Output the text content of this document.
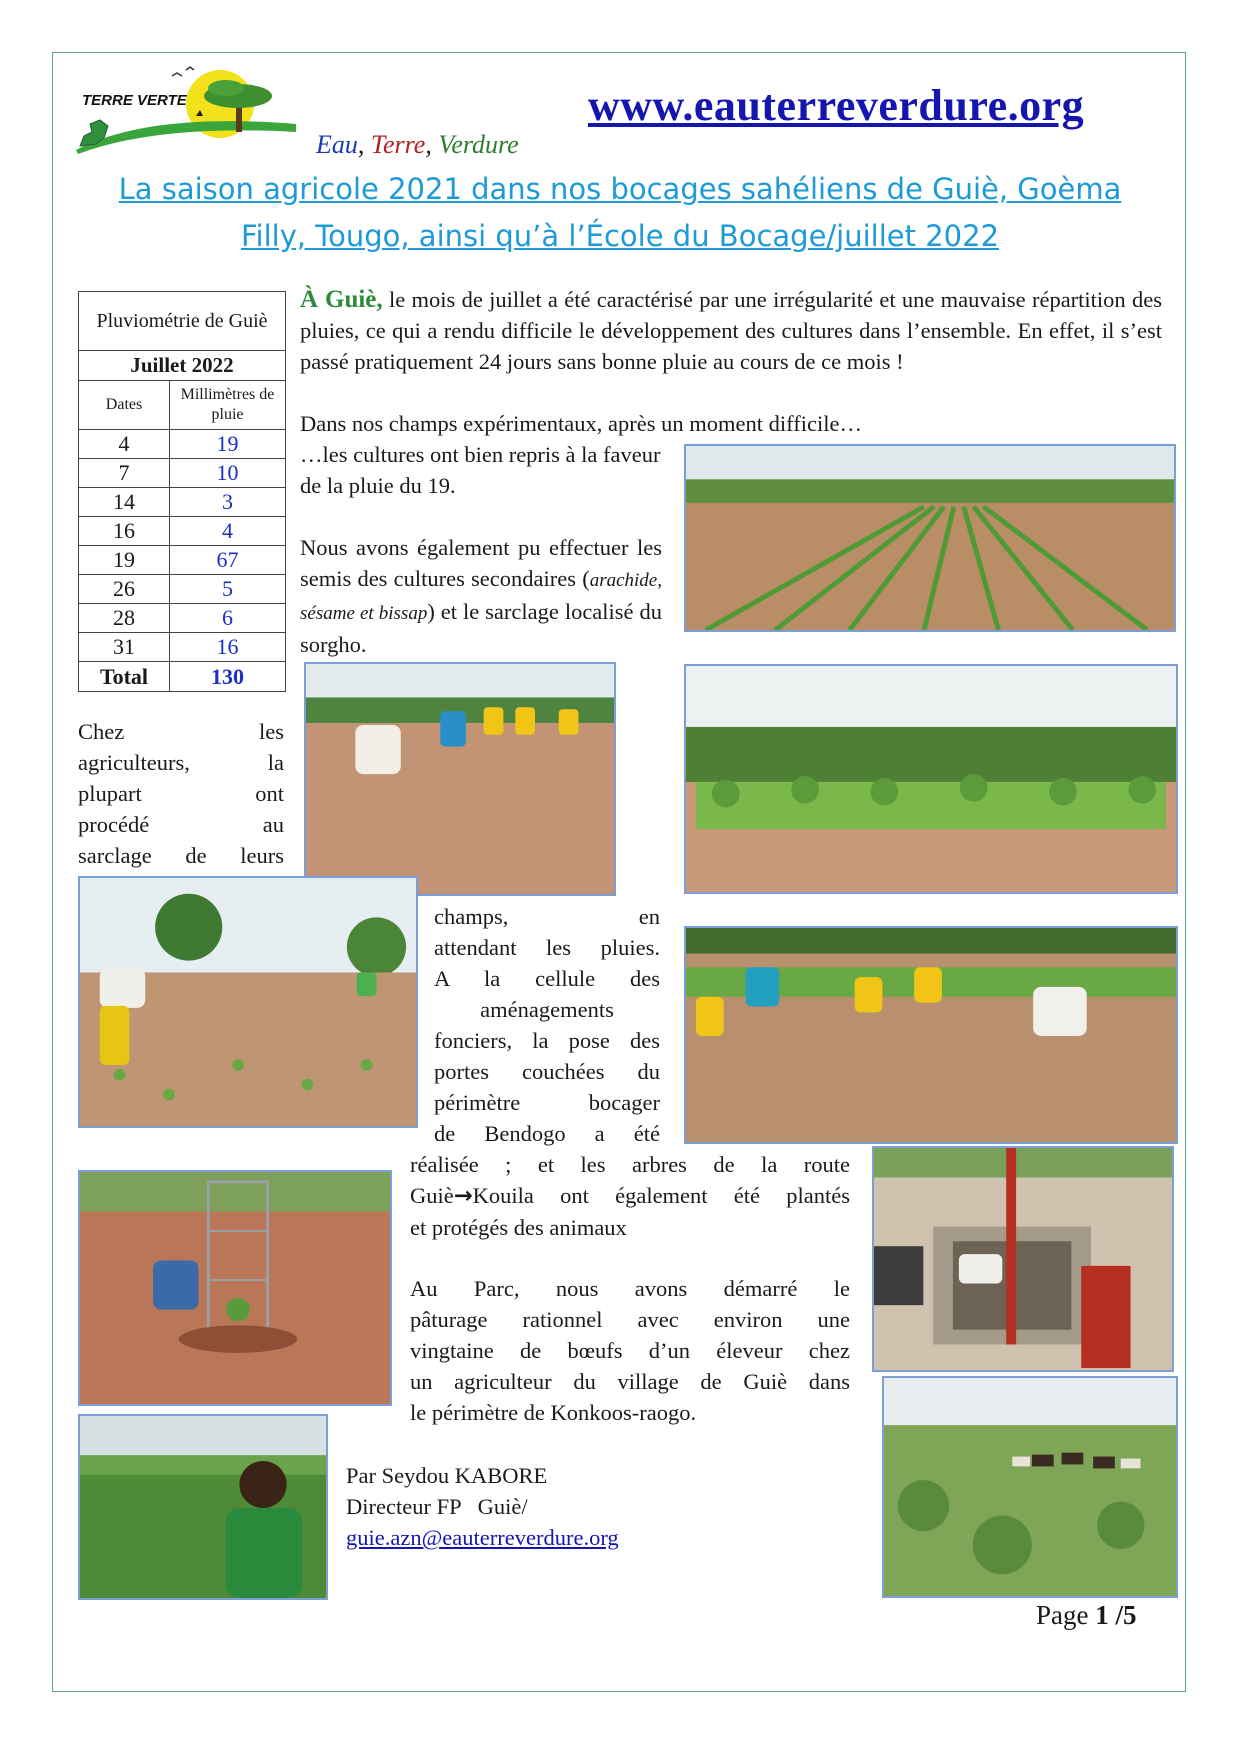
TERRE VERTE
Eau, Terre, Verdure
www.eauterreverdure.org
La saison agricole 2021 dans nos bocages sahéliens de Guiè, Goèma
Filly, Tougo, ainsi qu’à l’École du Bocage/juillet 2022
Pluviométrie de Guiè	
Juillet 2022	
Dates	Millimètres de pluie
4	19
7	10
14	3
16	4
19	67
26	5
28	6
31	16
Total	130
À Guiè, le mois de juillet a été caractérisé par une irrégularité et une mauvaise répartition des pluies, ce qui a rendu difficile le développement des cultures dans l’ensemble. En effet, il s’est passé pratiquement 24 jours sans bonne pluie au cours de ce mois !
Dans nos champs expérimentaux, après un moment difficile…
…les cultures ont bien repris à la faveur de la pluie du 19.
Nous avons également pu effectuer les semis des cultures secondaires (arachide, sésame et bissap) et le sarclage localisé du sorgho.
Chez les
agriculteurs, la
plupart ont
procédé au
sarclage de leurs
champs, en
attendant les pluies.
A la cellule des
aménagements
fonciers, la pose des
portes couchées du
périmètre bocager
de Bendogo a été
réalisée ; et les arbres de la route
Guiè→Kouila ont également été plantés
et protégés des animaux
Au Parc, nous avons démarré le
pâturage rationnel avec environ une
vingtaine de bœufs d’un éleveur chez
un agriculteur du village de Guiè dans
le périmètre de Konkoos-raogo.
Par Seydou KABORE
Directeur FP   Guiè/
guie.azn@eauterreverdure.org
Page 1 /5
